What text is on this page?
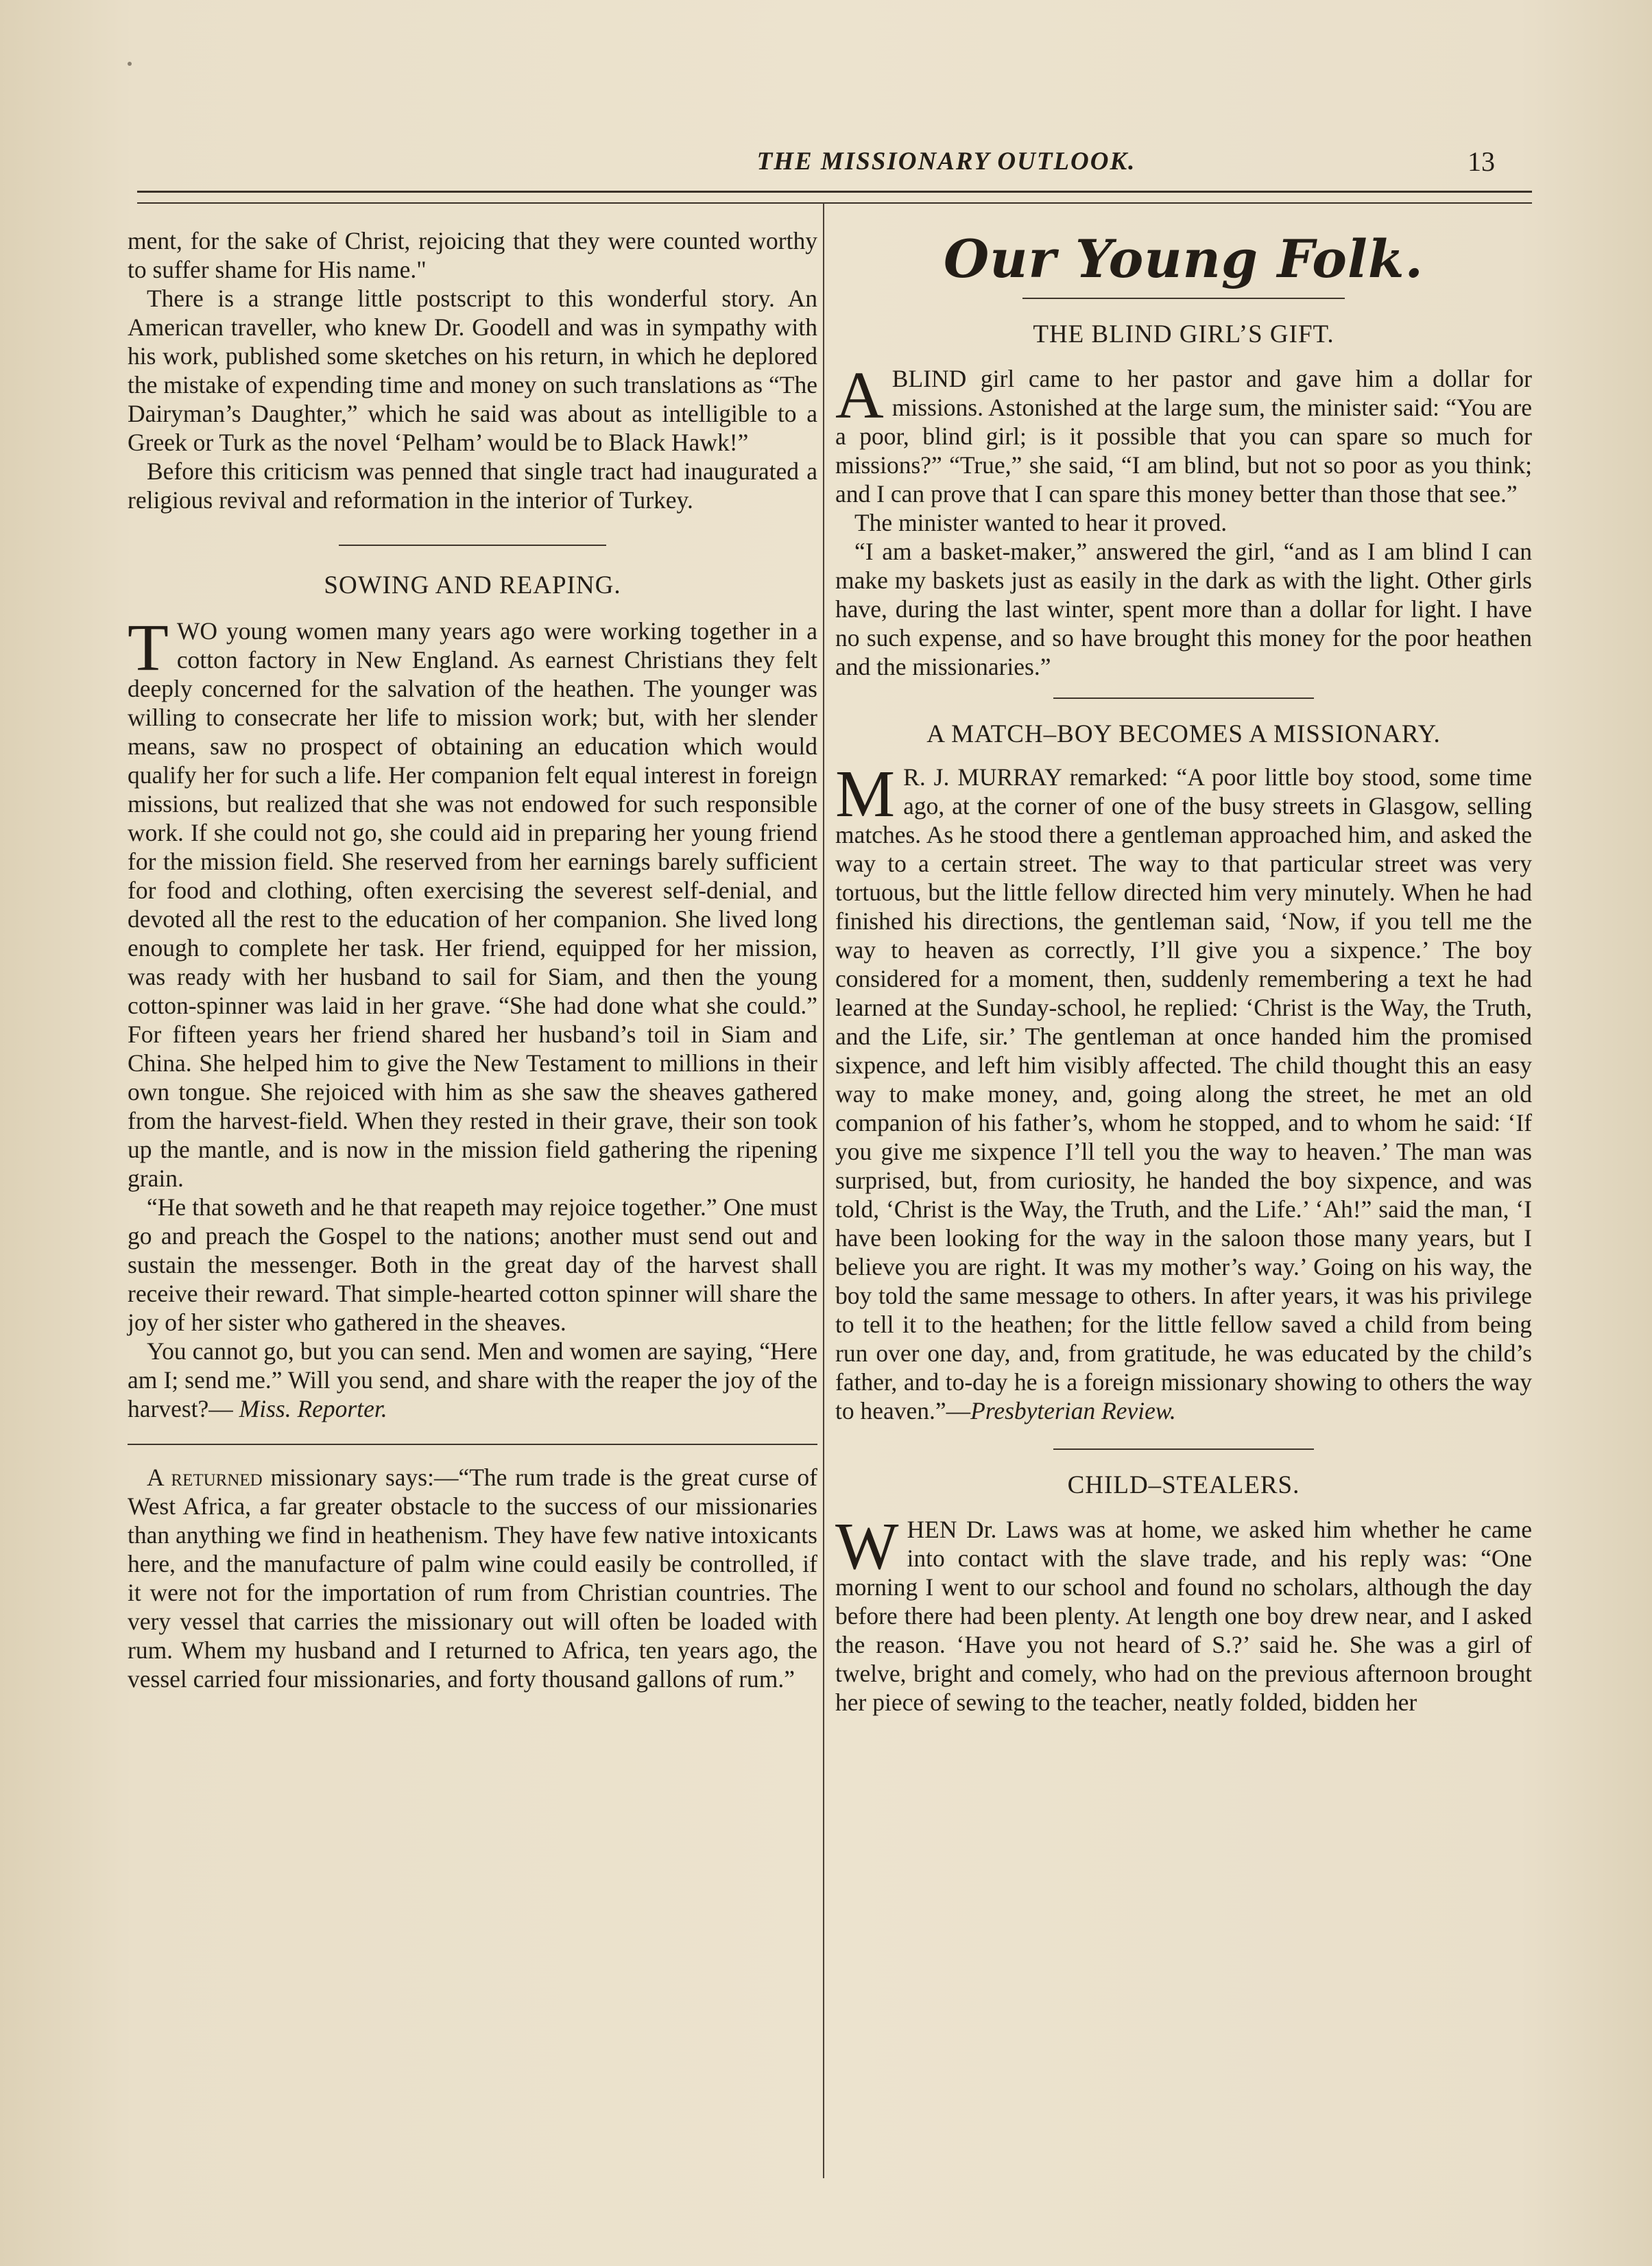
THE MISSIONARY OUTLOOK.	13

ment, for the sake of Christ, rejoicing that they were counted worthy to suffer shame for His name."

There is a strange little postscript to this wonderful story. An American traveller, who knew Dr. Goodell and was in sympathy with his work, published some sketches on his return, in which he deplored the mistake of expending time and money on such translations as “The Dairyman’s Daughter,” which he said was about as intelligible to a Greek or Turk as the novel ‘Pelham’ would be to Black Hawk!”

Before this criticism was penned that single tract had inaugurated a religious revival and reformation in the interior of Turkey.

SOWING AND REAPING.

TWO young women many years ago were working together in a cotton factory in New England. As earnest Christians they felt deeply concerned for the salvation of the heathen. The younger was willing to consecrate her life to mission work; but, with her slender means, saw no prospect of obtaining an education which would qualify her for such a life. Her companion felt equal interest in foreign missions, but realized that she was not endowed for such responsible work. If she could not go, she could aid in preparing her young friend for the mission field. She reserved from her earnings barely sufficient for food and clothing, often exercising the severest self-denial, and devoted all the rest to the education of her companion. She lived long enough to complete her task. Her friend, equipped for her mission, was ready with her husband to sail for Siam, and then the young cotton-spinner was laid in her grave. “She had done what she could.” For fifteen years her friend shared her husband’s toil in Siam and China. She helped him to give the New Testament to millions in their own tongue. She rejoiced with him as she saw the sheaves gathered from the harvest-field. When they rested in their grave, their son took up the mantle, and is now in the mission field gathering the ripening grain.

“He that soweth and he that reapeth may rejoice together.” One must go and preach the Gospel to the nations; another must send out and sustain the messenger. Both in the great day of the harvest shall receive their reward. That simple-hearted cotton spinner will share the joy of her sister who gathered in the sheaves.

You cannot go, but you can send. Men and women are saying, “Here am I; send me.” Will you send, and share with the reaper the joy of the harvest?— Miss. Reporter.

A returned missionary says:—“The rum trade is the great curse of West Africa, a far greater obstacle to the success of our missionaries than anything we find in heathenism. They have few native intoxicants here, and the manufacture of palm wine could easily be controlled, if it were not for the importation of rum from Christian countries. The very vessel that carries the missionary out will often be loaded with rum. Whem my husband and I returned to Africa, ten years ago, the vessel carried four missionaries, and forty thousand gallons of rum.”

Our Young Folk.
THE BLIND GIRL’S GIFT.

ABLIND girl came to her pastor and gave him a dollar for missions. Astonished at the large sum, the minister said: “You are a poor, blind girl; is it possible that you can spare so much for missions?” “True,” she said, “I am blind, but not so poor as you think; and I can prove that I can spare this money better than those that see.”

The minister wanted to hear it proved.

“I am a basket-maker,” answered the girl, “and as I am blind I can make my baskets just as easily in the dark as with the light. Other girls have, during the last winter, spent more than a dollar for light. I have no such expense, and so have brought this money for the poor heathen and the missionaries.”

A MATCH–BOY BECOMES A MISSIONARY.

M R. J. MURRAY remarked: “A poor little boy stood, some time ago, at the corner of one of the busy streets in Glasgow, selling matches. As he stood there a gentleman approached him, and asked the way to a certain street. The way to that particular street was very tortuous, but the little fellow directed him very minutely. When he had finished his directions, the gentleman said, ‘Now, if you tell me the way to heaven as correctly, I’ll give you a sixpence.’ The boy considered for a moment, then, suddenly remembering a text he had learned at the Sunday-school, he replied: ‘Christ is the Way, the Truth, and the Life, sir.’ The gentleman at once handed him the promised sixpence, and left him visibly affected. The child thought this an easy way to make money, and, going along the street, he met an old companion of his father’s, whom he stopped, and to whom he said: ‘If you give me sixpence I’ll tell you the way to heaven.’ The man was surprised, but, from curiosity, he handed the boy sixpence, and was told, ‘Christ is the Way, the Truth, and the Life.’ ‘Ah!” said the man, ‘I have been looking for the way in the saloon those many years, but I believe you are right. It was my mother’s way.’ Going on his way, the boy told the same message to others. In after years, it was his privilege to tell it to the heathen; for the little fellow saved a child from being run over one day, and, from gratitude, he was educated by the child’s father, and to-day he is a foreign missionary showing to others the way to heaven.”—Presbyterian Review.

CHILD–STEALERS.

WHEN Dr. Laws was at home, we asked him whether he came into contact with the slave trade, and his reply was: “One morning I went to our school and found no scholars, although the day before there had been plenty. At length one boy drew near, and I asked the reason. ‘Have you not heard of S.?’ said he. She was a girl of twelve, bright and comely, who had on the previous afternoon brought her piece of sewing to the teacher, neatly folded, bidden her
